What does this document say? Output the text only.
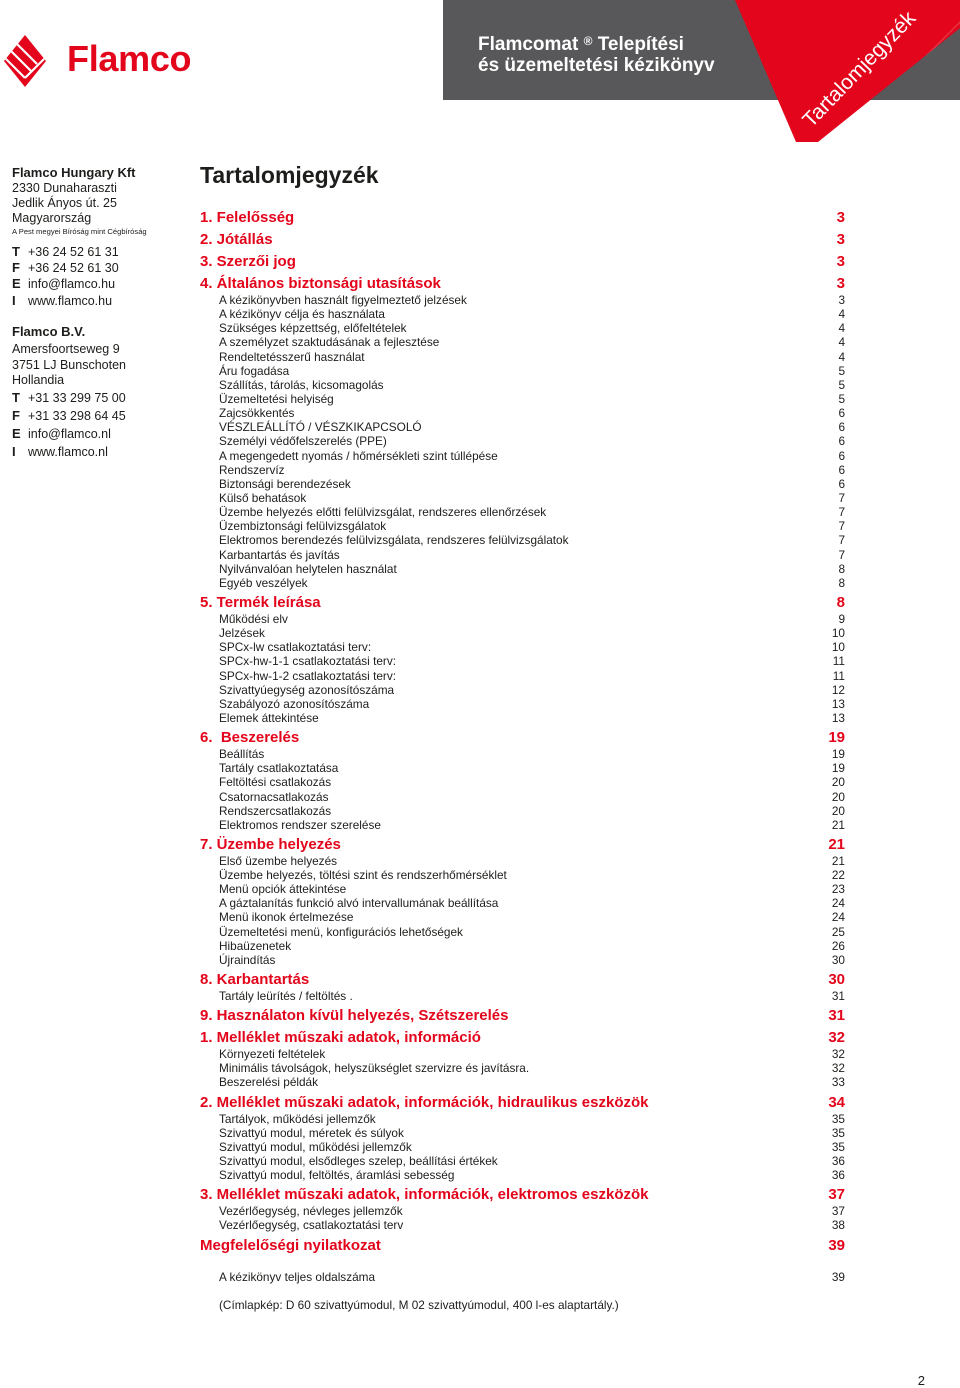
Flamco	Flamcomat ® Telepítési
és üzemeltetési kézikönyv	Tartalomjegyzék
Flamco Hungary Kft
2330 Dunaharaszti
Jedlik Ányos út. 25
Magyarország
A Pest megyei Bíróság mint Cégbíróság
T +36 24 52 61 31
F +36 24 52 61 30
E info@flamco.hu
I www.flamco.hu
Flamco B.V.
Amersfoortseweg 9
3751 LJ Bunschoten
Hollandia
T +31 33 299 75 00
F +31 33 298 64 45
E info@flamco.nl
I www.flamco.nl
Tartalomjegyzék
1. Felelősség	3
2. Jótállás	3
3. Szerzői jog	3
4. Általános biztonsági utasítások	3
A kézikönyvben használt figyelmeztető jelzések	3
A kézikönyv célja és használata	4
Szükséges képzettség, előfeltételek	4
A személyzet szaktudásának a fejlesztése	4
Rendeltetésszerű használat	4
Áru fogadása	5
Szállítás, tárolás, kicsomagolás	5
Üzemeltetési helyiség	5
Zajcsökkentés	6
VÉSZLEÁLLÍTÓ / VÉSZKIKAPCSOLÓ	6
Személyi védőfelszerelés (PPE)	6
A megengedett nyomás / hőmérsékleti szint túllépése	6
Rendszervíz	6
Biztonsági berendezések	6
Külső behatások	7
Üzembe helyezés előtti felülvizsgálat, rendszeres ellenőrzések	7
Üzembiztonsági felülvizsgálatok	7
Elektromos berendezés felülvizsgálata, rendszeres felülvizsgálatok	7
Karbantartás és javítás	7
Nyilvánvalóan helytelen használat	8
Egyéb veszélyek	8
5. Termék leírása	8
Működési elv	9
Jelzések	10
SPCx-lw csatlakoztatási terv:	10
SPCx-hw-1-1 csatlakoztatási terv:	11
SPCx-hw-1-2 csatlakoztatási terv:	11
Szivattyúegység azonosítószáma	12
Szabályozó azonosítószáma	13
Elemek áttekintése	13
6.  Beszerelés	19
Beállítás	19
Tartály csatlakoztatása	19
Feltöltési csatlakozás	20
Csatornacsatlakozás	20
Rendszercsatlakozás	20
Elektromos rendszer szerelése	21
7. Üzembe helyezés	21
Első üzembe helyezés	21
Üzembe helyezés, töltési szint és rendszerhőmérséklet	22
Menü opciók áttekintése	23
A gáztalanítás funkció alvó intervallumának beállítása	24
Menü ikonok értelmezése	24
Üzemeltetési menü, konfigurációs lehetőségek	25
Hibaüzenetek	26
Újraindítás	30
8. Karbantartás	30
Tartály leürítés / feltöltés .	31
9. Használaton kívül helyezés, Szétszerelés	31
1. Melléklet műszaki adatok, információ	32
Környezeti feltételek	32
Minimális távolságok, helyszükséglet szervizre és javításra.	32
Beszerelési példák	33
2. Melléklet műszaki adatok, információk, hidraulikus eszközök	34
Tartályok, működési jellemzők	35
Szivattyú modul, méretek és súlyok	35
Szivattyú modul, működési jellemzők	35
Szivattyú modul, elsődleges szelep, beállítási értékek	36
Szivattyú modul, feltöltés, áramlási sebesség	36
3. Melléklet műszaki adatok, információk, elektromos eszközök	37
Vezérlőegység, névleges jellemzők	37
Vezérlőegység, csatlakoztatási terv	38
Megfelelőségi nyilatkozat	39
A kézikönyv teljes oldalszáma	39
(Címlapkép: D 60 szivattyúmodul, M 02 szivattyúmodul, 400 l-es alaptartály.)
2
